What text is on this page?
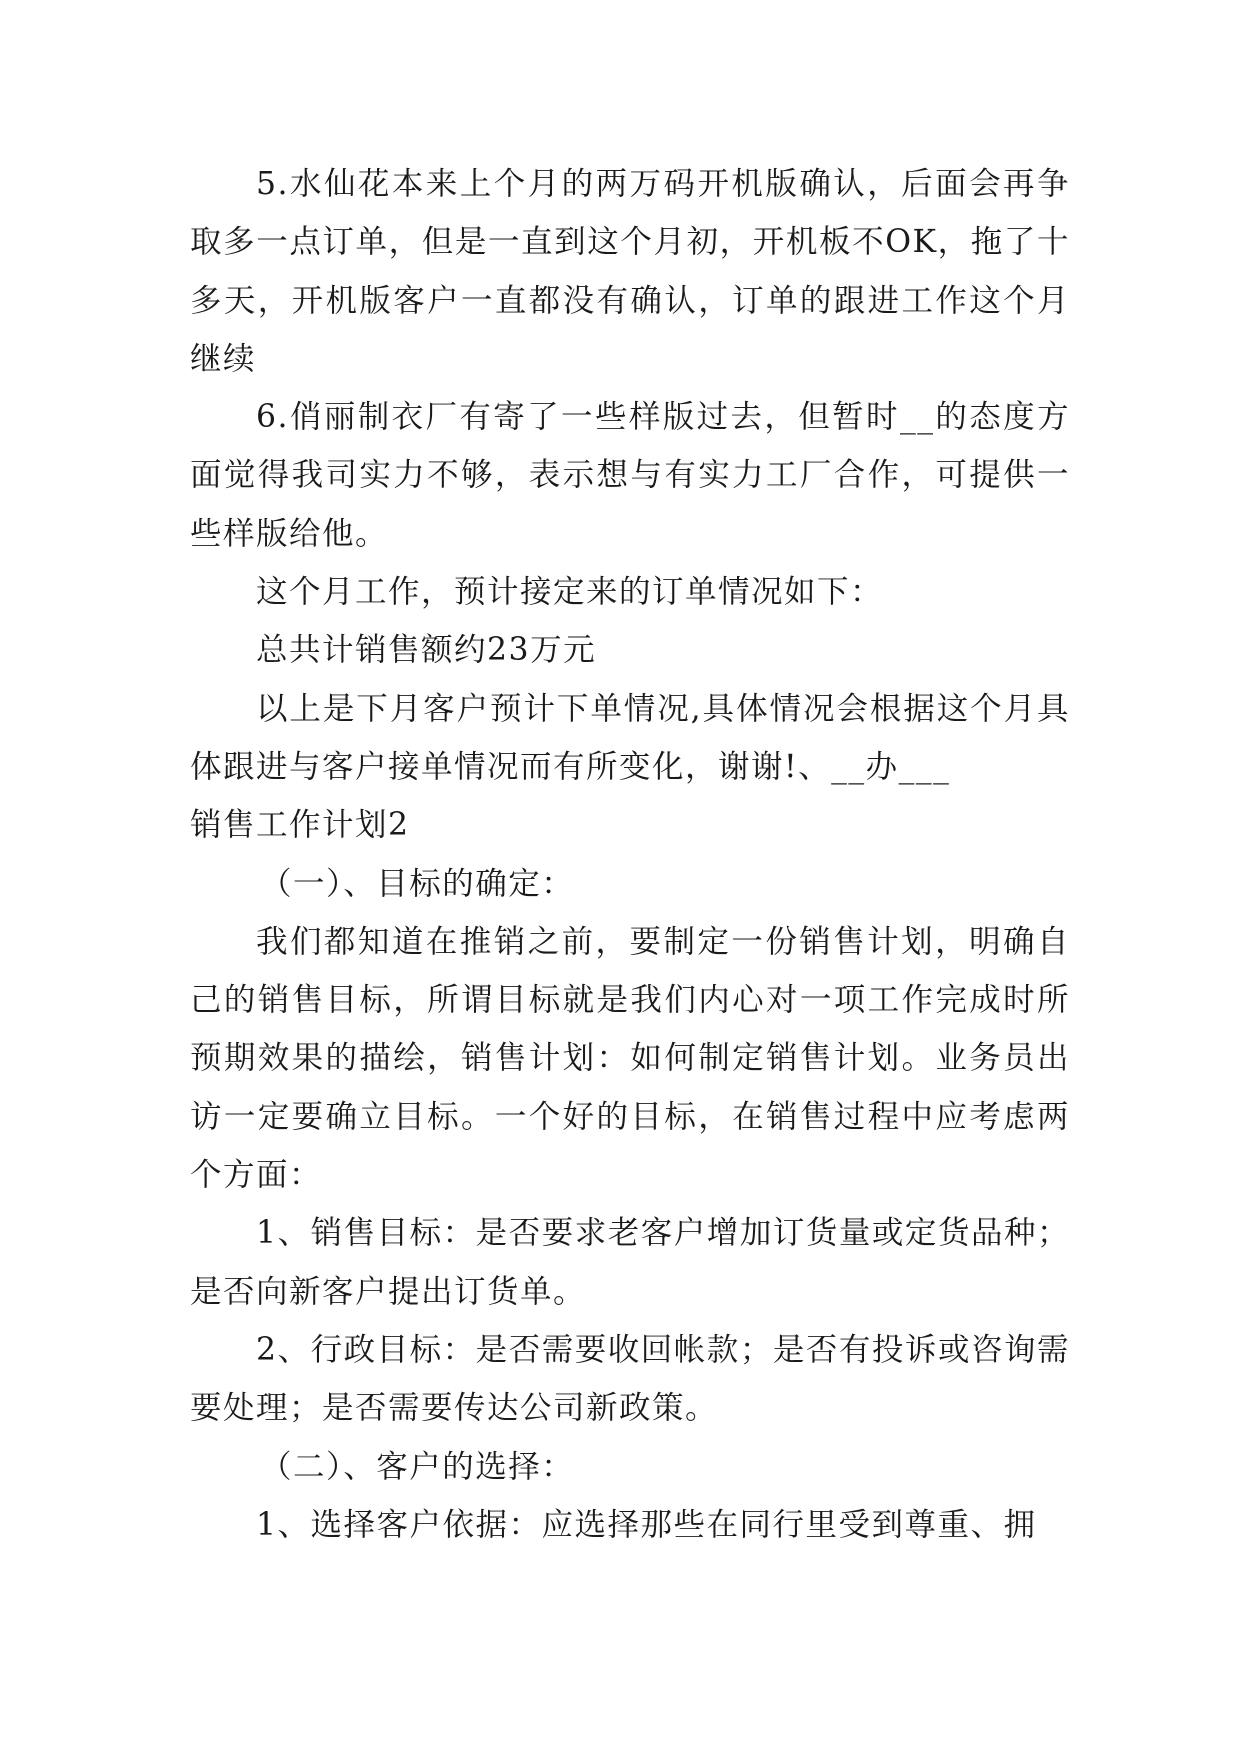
5.水仙花本来上个月的两万码开机版确认，后面会再争取多一点订单，但是一直到这个月初，开机板不OK，拖了十多天，开机版客户一直都没有确认，订单的跟进工作这个月继续

6.俏丽制衣厂有寄了一些样版过去，但暂时__的态度方面觉得我司实力不够，表示想与有实力工厂合作，可提供一些样版给他。

这个月工作，预计接定来的订单情况如下：

总共计销售额约23万元

以上是下月客户预计下单情况,具体情况会根据这个月具体跟进与客户接单情况而有所变化，谢谢!、__办___

销售工作计划2

（一）、目标的确定：

我们都知道在推销之前，要制定一份销售计划，明确自己的销售目标，所谓目标就是我们内心对一项工作完成时所预期效果的描绘，销售计划：如何制定销售计划。业务员出访一定要确立目标。一个好的目标，在销售过程中应考虑两个方面：

1、销售目标：是否要求老客户增加订货量或定货品种；是否向新客户提出订货单。

2、行政目标：是否需要收回帐款；是否有投诉或咨询需要处理；是否需要传达公司新政策。

（二）、客户的选择：

1、选择客户依据：应选择那些在同行里受到尊重、拥
